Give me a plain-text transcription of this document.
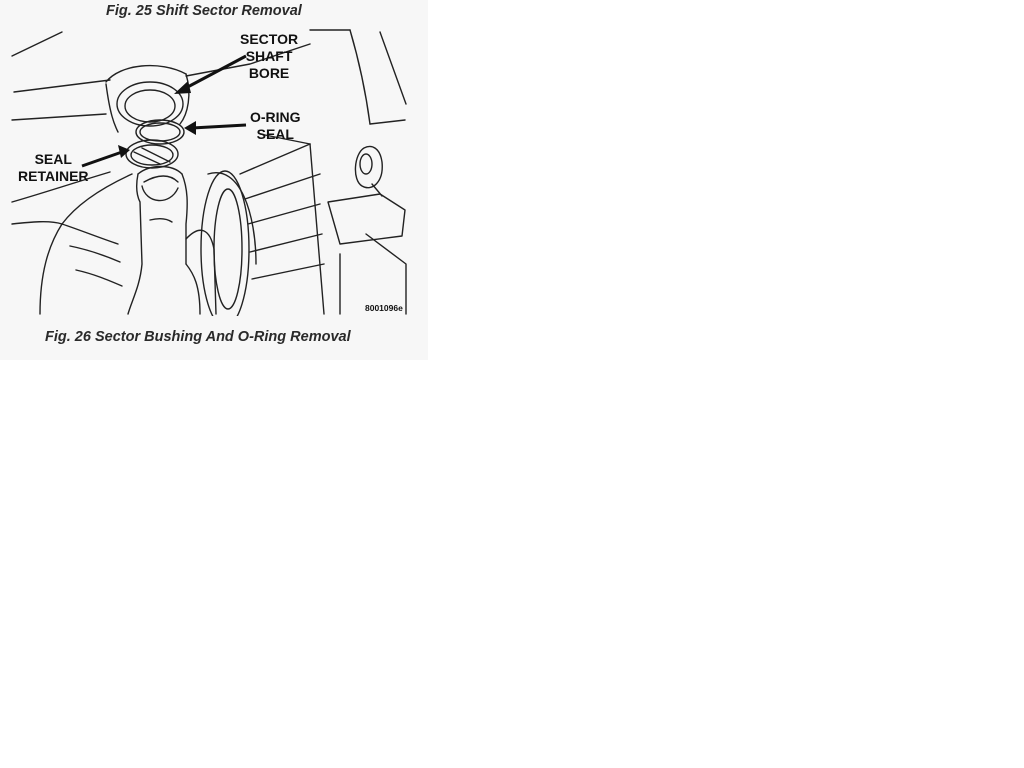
Fig. 25 Shift Sector Removal
SECTOR
SHAFT
BORE
O-RING
SEAL
SEAL
RETAINER
8001096e
Fig. 26 Sector Bushing And O-Ring Removal
